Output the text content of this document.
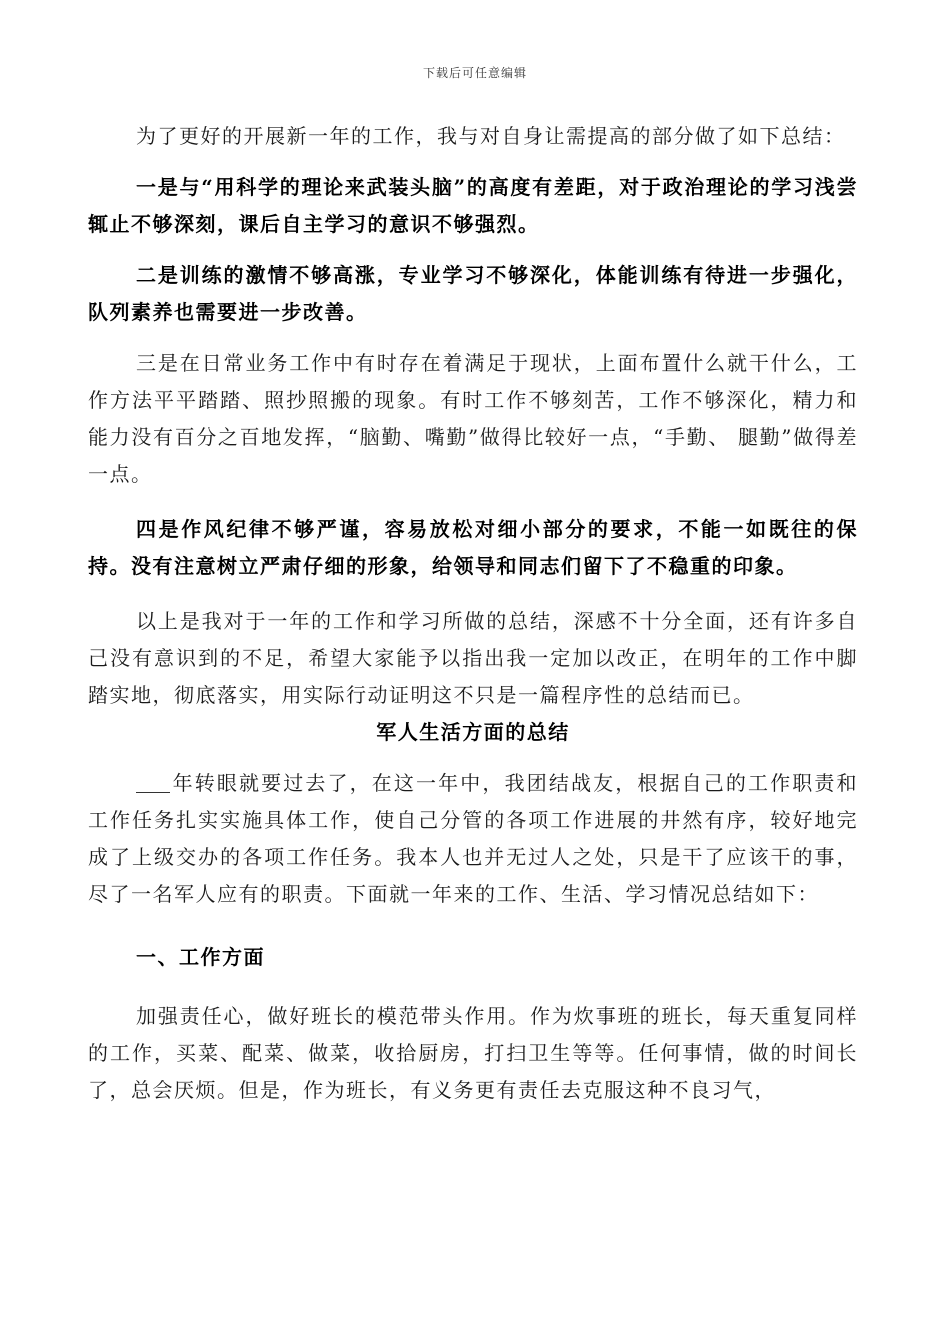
下载后可任意编辑

为了更好的开展新一年的工作，我与对自身让需提高的部分做了如下总结：

一是与“用科学的理论来武装头脑”的高度有差距，对于政治理论的学习浅尝辄止不够深刻，课后自主学习的意识不够强烈。

二是训练的激情不够高涨，专业学习不够深化，体能训练有待进一步强化，队列素养也需要进一步改善。

三是在日常业务工作中有时存在着满足于现状，上面布置什么就干什么，工作方法平平踏踏、照抄照搬的现象。有时工作不够刻苦，工作不够深化，精力和能力没有百分之百地发挥，“脑勤、嘴勤”做得比较好一点，“手勤、 腿勤”做得差一点。

四是作风纪律不够严谨，容易放松对细小部分的要求，不能一如既往的保持。没有注意树立严肃仔细的形象，给领导和同志们留下了不稳重的印象。

以上是我对于一年的工作和学习所做的总结，深感不十分全面，还有许多自己没有意识到的不足，希望大家能予以指出我一定加以改正，在明年的工作中脚踏实地，彻底落实，用实际行动证明这不只是一篇程序性的总结而已。

军人生活方面的总结

年转眼就要过去了，在这一年中，我团结战友，根据自己的工作职责和工作任务扎实实施具体工作，使自己分管的各项工作进展的井然有序，较好地完成了上级交办的各项工作任务。我本人也并无过人之处，只是干了应该干的事，尽了一名军人应有的职责。下面就一年来的工作、生活、学习情况总结如下：

一、工作方面

加强责任心，做好班长的模范带头作用。作为炊事班的班长，每天重复同样的工作，买菜、配菜、做菜，收拾厨房，打扫卫生等等。任何事情，做的时间长了，总会厌烦。但是，作为班长，有义务更有责任去克服这种不良习气，
